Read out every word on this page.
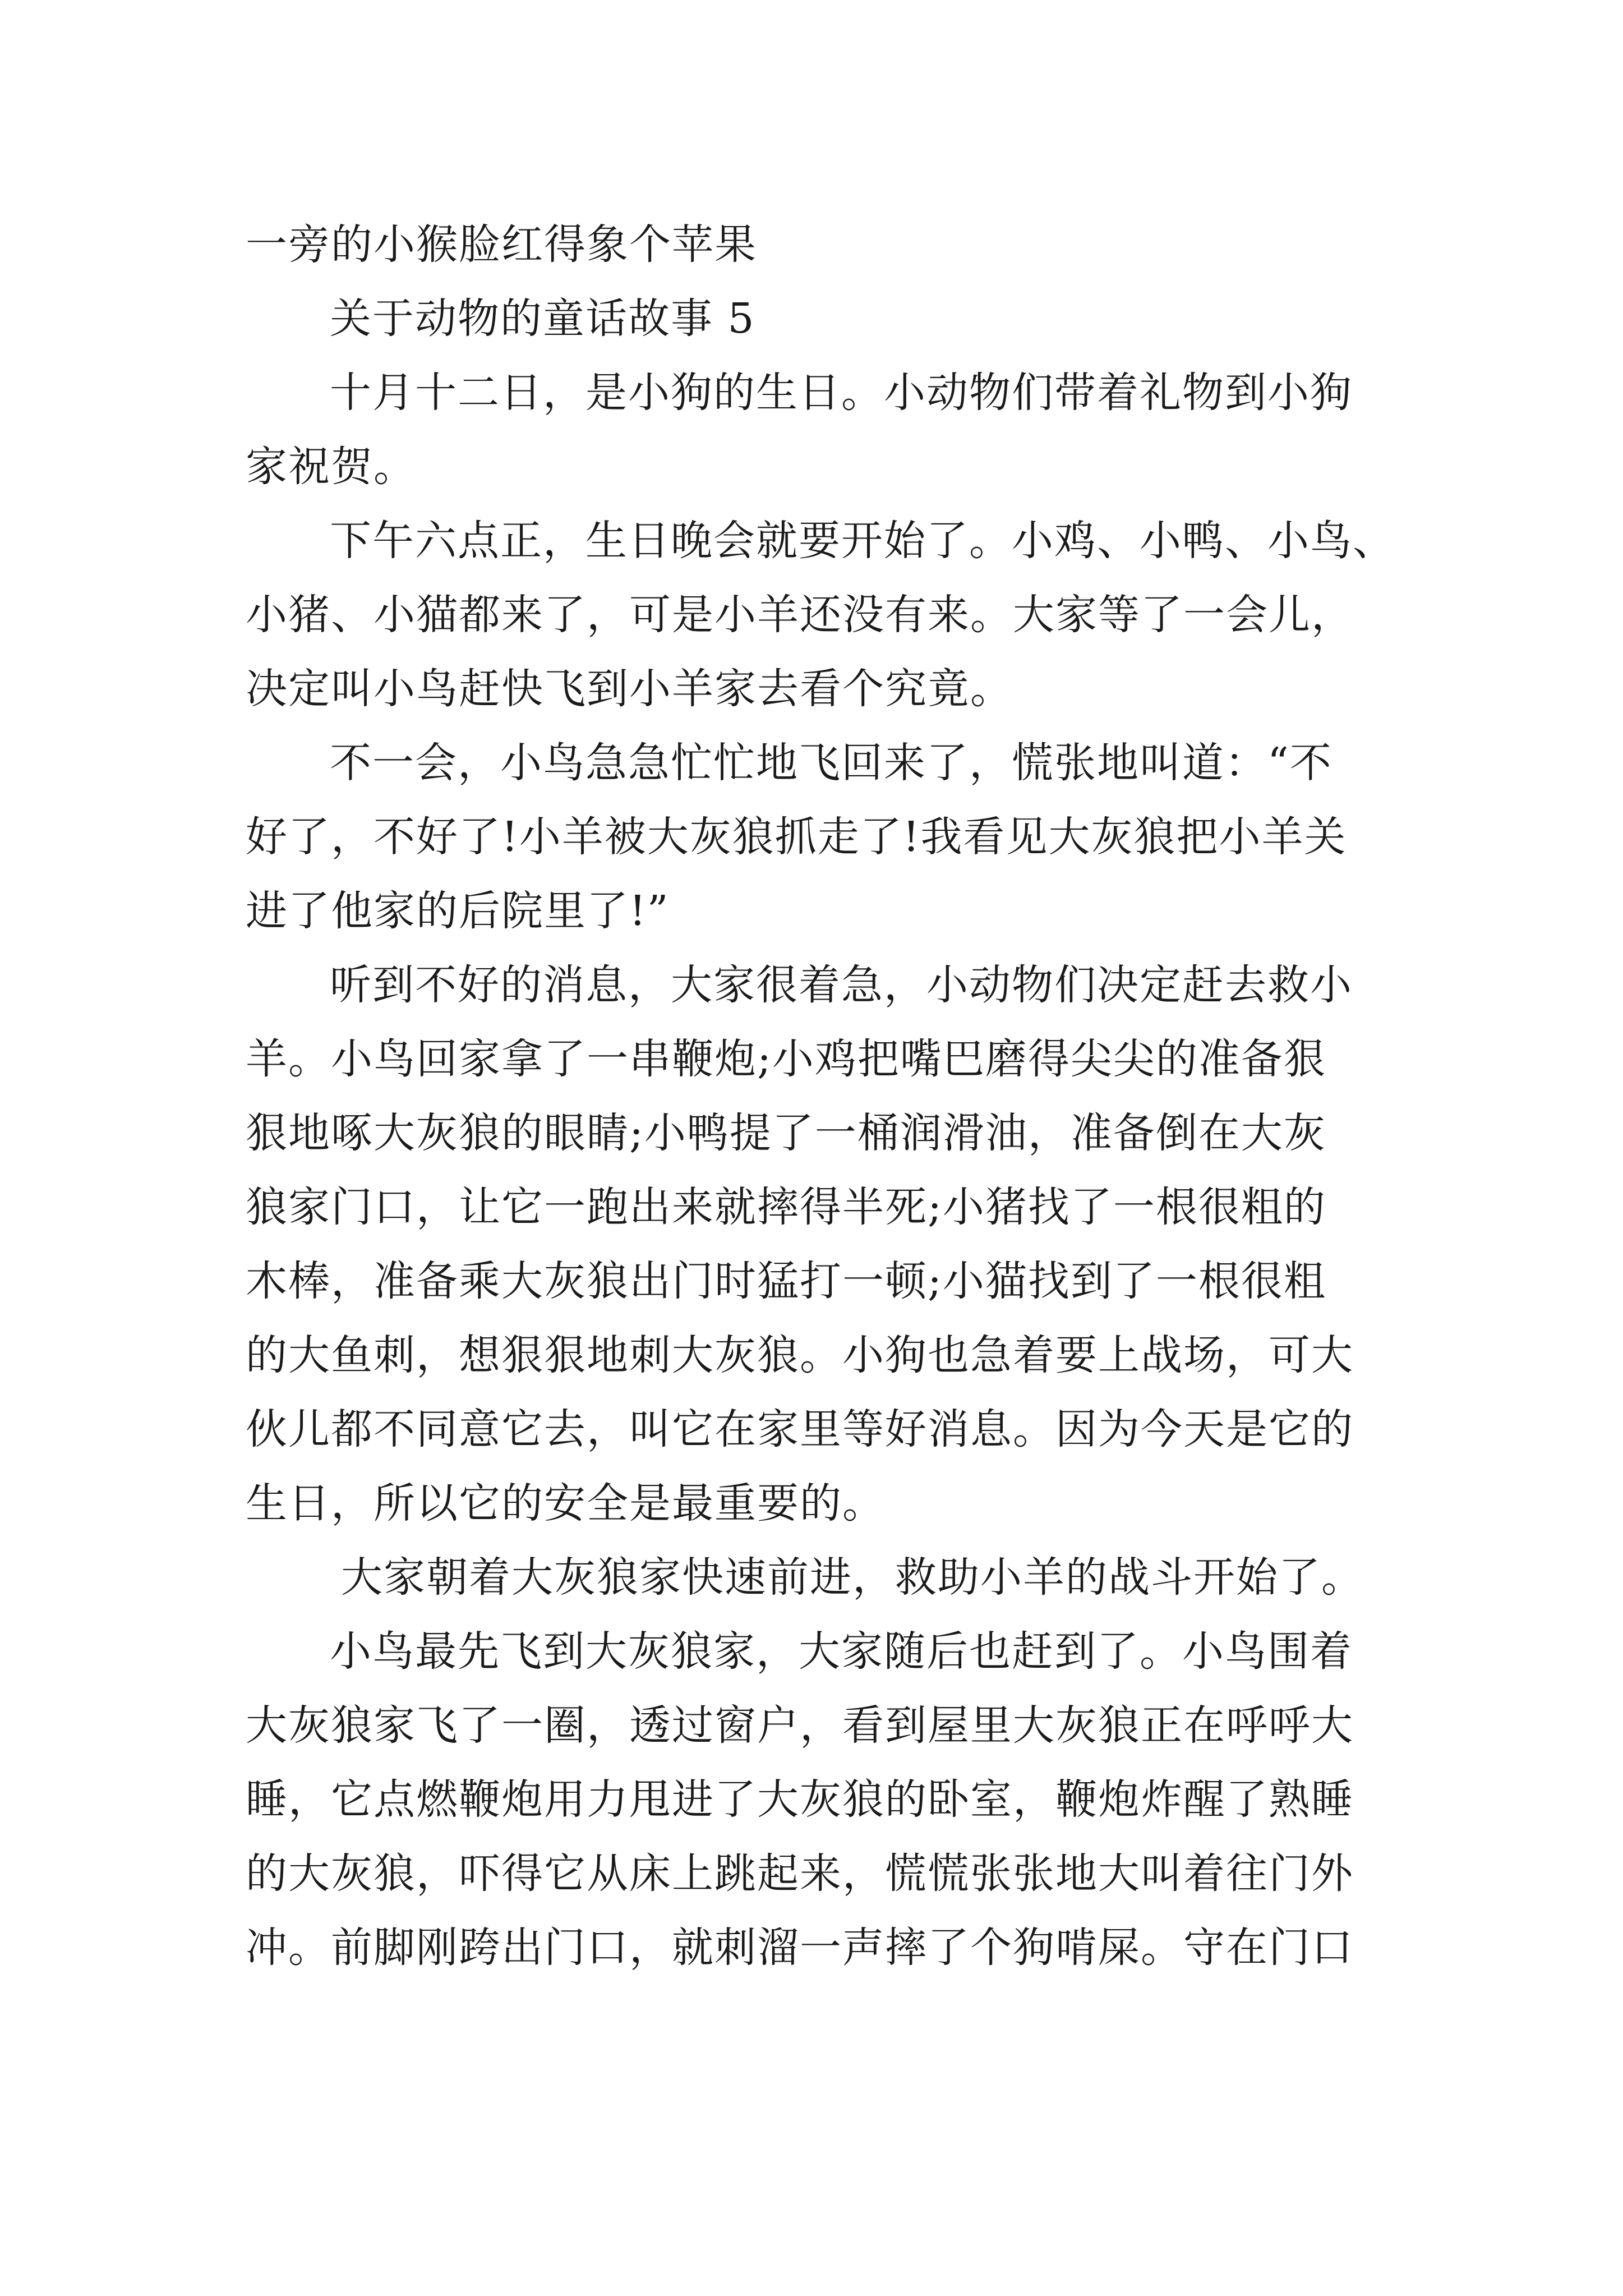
一旁的小猴脸红得象个苹果
关于动物的童话故事 5
十月十二日，是小狗的生日。小动物们带着礼物到小狗
家祝贺。
下午六点正，生日晚会就要开始了。小鸡、小鸭、小鸟、
小猪、小猫都来了，可是小羊还没有来。大家等了一会儿，
决定叫小鸟赶快飞到小羊家去看个究竟。
不一会，小鸟急急忙忙地飞回来了，慌张地叫道：“不
好了，不好了!小羊被大灰狼抓走了!我看见大灰狼把小羊关
进了他家的后院里了!”
听到不好的消息，大家很着急，小动物们决定赶去救小
羊。小鸟回家拿了一串鞭炮;小鸡把嘴巴磨得尖尖的准备狠
狠地啄大灰狼的眼睛;小鸭提了一桶润滑油，准备倒在大灰
狼家门口，让它一跑出来就摔得半死;小猪找了一根很粗的
木棒，准备乘大灰狼出门时猛打一顿;小猫找到了一根很粗
的大鱼刺，想狠狠地刺大灰狼。小狗也急着要上战场，可大
伙儿都不同意它去，叫它在家里等好消息。因为今天是它的
生日，所以它的安全是最重要的。
大家朝着大灰狼家快速前进，救助小羊的战斗开始了。
小鸟最先飞到大灰狼家，大家随后也赶到了。小鸟围着
大灰狼家飞了一圈，透过窗户，看到屋里大灰狼正在呼呼大
睡，它点燃鞭炮用力甩进了大灰狼的卧室，鞭炮炸醒了熟睡
的大灰狼，吓得它从床上跳起来，慌慌张张地大叫着往门外
冲。前脚刚跨出门口，就刺溜一声摔了个狗啃屎。守在门口
